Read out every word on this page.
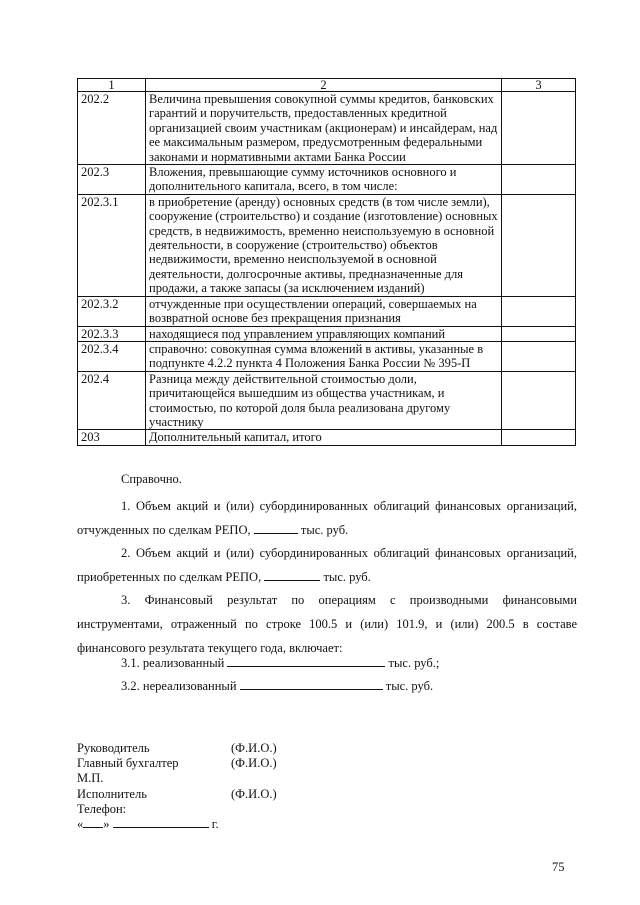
1	2	3
202.2	Величина превышения совокупной суммы кредитов, банковских гарантий и поручительств, предоставленных кредитной организацией своим участникам (акционерам) и инсайдерам, над ее максимальным размером, предусмотренным федеральными законами и нормативными актами Банка России	
202.3	Вложения, превышающие сумму источников основного и дополнительного капитала, всего, в том числе:	
202.3.1	в приобретение (аренду) основных средств (в том числе земли), сооружение (строительство) и создание (изготовление) основных средств, в недвижимость, временно неиспользуемую в основной деятельности, в сооружение (строительство) объектов недвижимости, временно неиспользуемой в основной деятельности, долгосрочные активы, предназначенные для продажи, а также запасы (за исключением изданий)	
202.3.2	отчужденные при осуществлении операций, совершаемых на возвратной основе без прекращения признания	
202.3.3	находящиеся под управлением управляющих компаний	
202.3.4	справочно: совокупная сумма вложений в активы, указанные в подпункте 4.2.2 пункта 4 Положения Банка России № 395-П	
202.4	Разница между действительной стоимостью доли, причитающейся вышедшим из общества участникам, и стоимостью, по которой доля была реализована другому участнику	
203	Дополнительный капитал, итого	
Справочно.
1. Объем акций и (или) субординированных облигаций финансовых организаций, отчужденных по сделкам РЕПО,	тыс. руб.
2. Объем акций и (или) субординированных облигаций финансовых организаций, приобретенных по сделкам РЕПО,	тыс. руб.
3. Финансовый результат по операциям с производными финансовыми инструментами, отраженный по строке 100.5 и (или) 101.9, и (или) 200.5 в составе финансового результата текущего года, включает:
3.1. реализованный	тыс. руб.;
3.2. нереализованный	тыс. руб.
Руководитель	(Ф.И.О.)
Главный бухгалтер	(Ф.И.О.)
М.П.
Исполнитель	(Ф.И.О.)
Телефон:
« »	г.
75
